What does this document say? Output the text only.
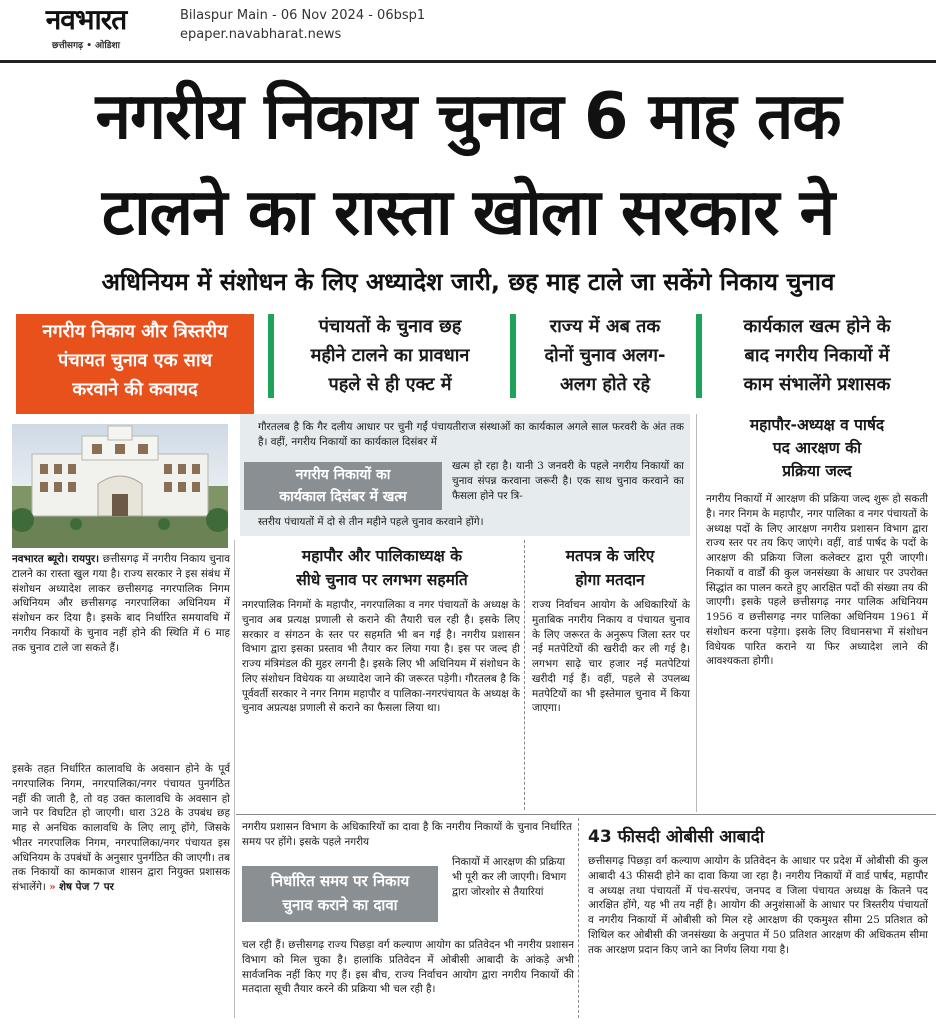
नवभारत
छत्तीसगढ़ • ओडिशा
Bilaspur Main - 06 Nov 2024 - 06bsp1
epaper.navabharat.news
नगरीय निकाय चुनाव 6 माह तक
टालने का रास्ता खोला सरकार ने
अधिनियम में संशोधन के लिए अध्यादेश जारी, छह माह टाले जा सकेंगे निकाय चुनाव
नगरीय निकाय और त्रिस्तरीय
पंचायत चुनाव एक साथ
करवाने की कवायद
पंचायतों के चुनाव छह
महीने टालने का प्रावधान
पहले से ही एक्ट में
राज्य में अब तक
दोनों चुनाव अलग-
अलग होते रहे
कार्यकाल खत्म होने के
बाद नगरीय निकायों में
काम संभालेंगे प्रशासक
गौरतलब है कि गैर दलीय आधार पर चुनी गईं पंचायतीराज संस्थाओं का कार्यकाल अगले साल फरवरी के अंत तक है। वहीं, नगरीय निकायों का कार्यकाल दिसंबर में
नगरीय निकायों का
कार्यकाल दिसंबर में खत्म
खत्म हो रहा है। यानी 3 जनवरी के पहले नगरीय निकायों का चुनाव संपन्न करवाना जरूरी है। एक साथ चुनाव करवाने का फैसला होने पर त्रि-
स्तरीय पंचायतों में दो से तीन महीने पहले चुनाव करवाने होंगे।
महापौर-अध्यक्ष व पार्षद
पद आरक्षण की
प्रक्रिया जल्द
नगरीय निकायों में आरक्षण की प्रक्रिया जल्द शुरू हो सकती है। नगर निगम के महापौर, नगर पालिका व नगर पंचायतों के अध्यक्ष पदों के लिए आरक्षण नगरीय प्रशासन विभाग द्वारा राज्य स्तर पर तय किए जाएंगे। वहीं, वार्ड पार्षद के पदों के आरक्षण की प्रक्रिया जिला कलेक्टर द्वारा पूरी जाएगी। निकायों व वार्डों की कुल जनसंख्या के आधार पर उपरोक्त सिद्धांत का पालन करते हुए आरक्षित पदों की संख्या तय की जाएगी। इसके पहले छत्तीसगढ़ नगर पालिक अधिनियम 1956 व छत्तीसगढ़ नगर पालिका अधिनियम 1961 में संशोधन करना पड़ेगा। इसके लिए विधानसभा में संशोधन विधेयक पारित कराने या फिर अध्यादेश लाने की आवश्यकता होगी।
नवभारत ब्यूरो। रायपुर। छत्तीसगढ़ में नगरीय निकाय चुनाव टालने का रास्ता खुल गया है। राज्य सरकार ने इस संबंध में संशोधन अध्यादेश लाकर छत्तीसगढ़ नगरपालिक निगम अधिनियम और छत्तीसगढ़ नगरपालिका अधिनियम में संशोधन कर दिया है। इसके बाद निर्धारित समयावधि में नगरीय निकायों के चुनाव नहीं होने की स्थिति में 6 माह तक चुनाव टाले जा सकते हैं।
इसके तहत निर्धारित कालावधि के अवसान होने के पूर्व नगरपालिक निगम, नगरपालिका/नगर पंचायत पुनर्गठित नहीं की जाती है, तो वह उक्त कालावधि के अवसान हो जाने पर विघटित हो जाएगी। धारा 328 के उपबंध छह माह से अनधिक कालावधि के लिए लागू होंगे, जिसके भीतर नगरपालिक निगम, नगरपालिका/नगर पंचायत इस अधिनियम के उपबंधों के अनुसार पुनर्गठित की जाएगी। तब तक निकायों का कामकाज शासन द्वारा नियुक्त प्रशासक संभालेंगे। » शेष पेज 7 पर
महापौर और पालिकाध्यक्ष के
सीधे चुनाव पर लगभग सहमति
नगरपालिक निगमों के महापौर, नगरपालिका व नगर पंचायतों के अध्यक्ष के चुनाव अब प्रत्यक्ष प्रणाली से कराने की तैयारी चल रही है। इसके लिए सरकार व संगठन के स्तर पर सहमति भी बन गई है। नगरीय प्रशासन विभाग द्वारा इसका प्रस्ताव भी तैयार कर लिया गया है। इस पर जल्द ही राज्य मंत्रिमंडल की मुहर लगनी है। इसके लिए भी अधिनियम में संशोधन के लिए संशोधन विधेयक या अध्यादेश जाने की जरूरत पड़ेगी। गौरतलब है कि पूर्ववर्ती सरकार ने नगर निगम महापौर व पालिका-नगरपंचायत के अध्यक्ष के चुनाव अप्रत्यक्ष प्रणाली से कराने का फैसला लिया था।
मतपत्र के जरिए
होगा मतदान
राज्य निर्वाचन आयोग के अधिकारियों के मुताबिक नगरीय निकाय व पंचायत चुनाव के लिए जरूरत के अनुरूप जिला स्तर पर नई मतपेटियों की खरीदी कर ली गई है। लगभग साढ़े चार हजार नई मतपेटियां खरीदी गई हैं। वहीं, पहले से उपलब्ध मतपेटियों का भी इस्तेमाल चुनाव में किया जाएगा।
नगरीय प्रशासन विभाग के अधिकारियों का दावा है कि नगरीय निकायों के चुनाव निर्धारित समय पर होंगे। इसके पहले नगरीय
निर्धारित समय पर निकाय
चुनाव कराने का दावा
निकायों में आरक्षण की प्रक्रिया भी पूरी कर ली जाएगी। विभाग द्वारा जोरशोर से तैयारियां
चल रही हैं। छत्तीसगढ़ राज्य पिछड़ा वर्ग कल्याण आयोग का प्रतिवेदन भी नगरीय प्रशासन विभाग को मिल चुका है। हालांकि प्रतिवेदन में ओबीसी आबादी के आंकड़े अभी सार्वजनिक नहीं किए गए हैं। इस बीच, राज्य निर्वाचन आयोग द्वारा नगरीय निकायों की मतदाता सूची तैयार करने की प्रक्रिया भी चल रही है।
43 फीसदी ओबीसी आबादी
छत्तीसगढ़ पिछड़ा वर्ग कल्याण आयोग के प्रतिवेदन के आधार पर प्रदेश में ओबीसी की कुल आबादी 43 फीसदी होने का दावा किया जा रहा है। नगरीय निकायों में वार्ड पार्षद, महापौर व अध्यक्ष तथा पंचायतों में पंच-सरपंच, जनपद व जिला पंचायत अध्यक्ष के कितने पद आरक्षित होंगे, यह भी तय नहीं है। आयोग की अनुशंसाओं के आधार पर त्रिस्तरीय पंचायतों व नगरीय निकायों में ओबीसी को मिल रहे आरक्षण की एकमुश्त सीमा 25 प्रतिशत को शिथिल कर ओबीसी की जनसंख्या के अनुपात में 50 प्रतिशत आरक्षण की अधिकतम सीमा तक आरक्षण प्रदान किए जाने का निर्णय लिया गया है।
